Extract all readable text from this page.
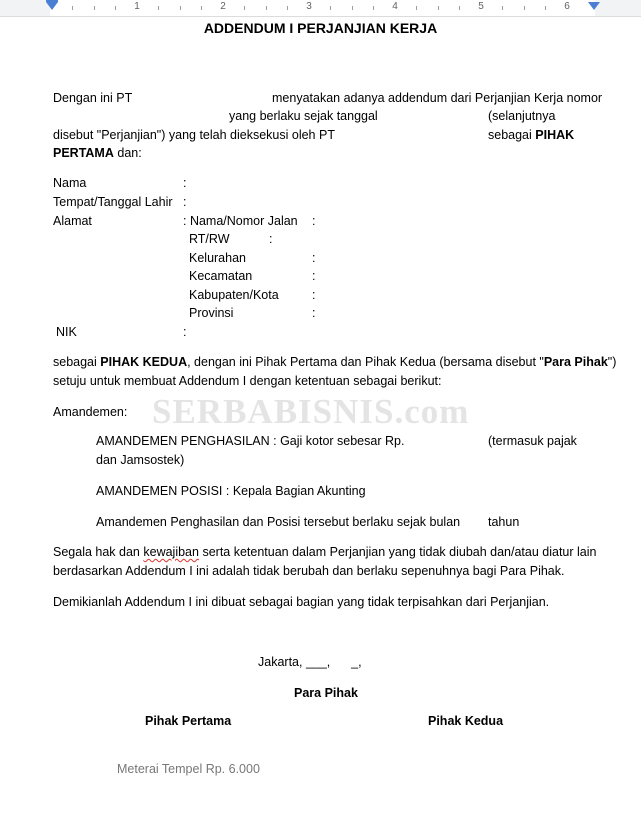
1	2	3	4	5	6
ADDENDUM I PERJANJIAN KERJA
Dengan ini PT	menyatakan adanya addendum dari Perjanjian Kerja nomor
yang berlaku sejak tanggal	(selanjutnya
disebut "Perjanjian") yang telah dieksekusi oleh PT	sebagai PIHAK
PERTAMA dan:
Nama	:
Tempat/Tanggal Lahir :
Alamat	: Nama/Nomor Jalan :
RT/RW	:
Kelurahan	:
Kecamatan	:
Kabupaten/Kota	:
Provinsi	:
NIK	:
sebagai PIHAK KEDUA, dengan ini Pihak Pertama dan Pihak Kedua (bersama disebut "Para Pihak")
setuju untuk membuat Addendum I dengan ketentuan sebagai berikut:
SERBABISNIS.com
Amandemen:
AMANDEMEN PENGHASILAN : Gaji kotor sebesar Rp.	(termasuk pajak
dan Jamsostek)
AMANDEMEN POSISI : Kepala Bagian Akunting
Amandemen Penghasilan dan Posisi tersebut berlaku sejak bulan tahun
Segala hak dan kewajiban serta ketentuan dalam Perjanjian yang tidak diubah dan/atau diatur lain
berdasarkan Addendum I ini adalah tidak berubah dan berlaku sepenuhnya bagi Para Pihak.
Demikianlah Addendum I ini dibuat sebagai bagian yang tidak terpisahkan dari Perjanjian.
Jakarta, ___, _,
Para Pihak
Pihak Pertama	Pihak Kedua
Meterai Tempel Rp. 6.000
